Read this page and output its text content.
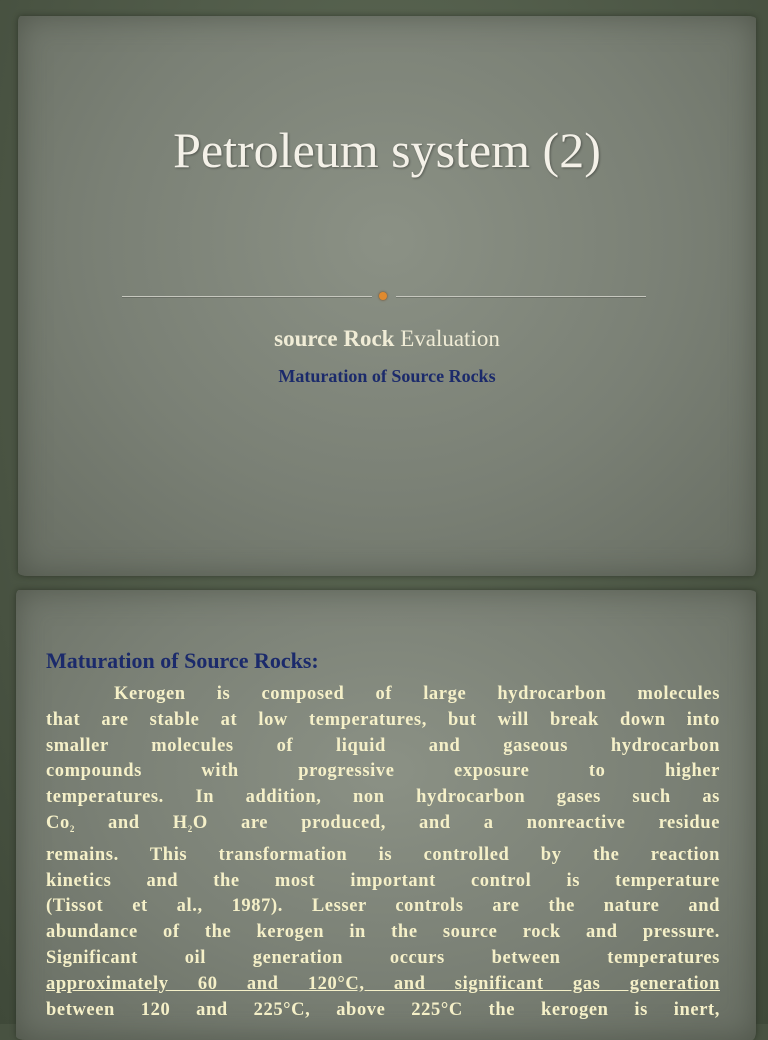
Petroleum system (2)
source Rock Evaluation
Maturation of Source Rocks
Maturation of Source Rocks:
Kerogen is composed of large hydrocarbon molecules
that are stable at low temperatures, but will break down into
smaller molecules of liquid and gaseous hydrocarbon
compounds with progressive exposure to higher
temperatures. In addition, non hydrocarbon gases such as
$Co_2$ and $H_2O$ are produced, and a nonreactive residue
remains. This transformation is controlled by the reaction
kinetics and the most important control is temperature
(Tissot et al., 1987). Lesser controls are the nature and
abundance of the kerogen in the source rock and pressure.
Significant oil generation occurs between temperatures
approximately 60 and 120°C, and significant gas generation
between 120 and 225°C, above 225°C the kerogen is inert,
